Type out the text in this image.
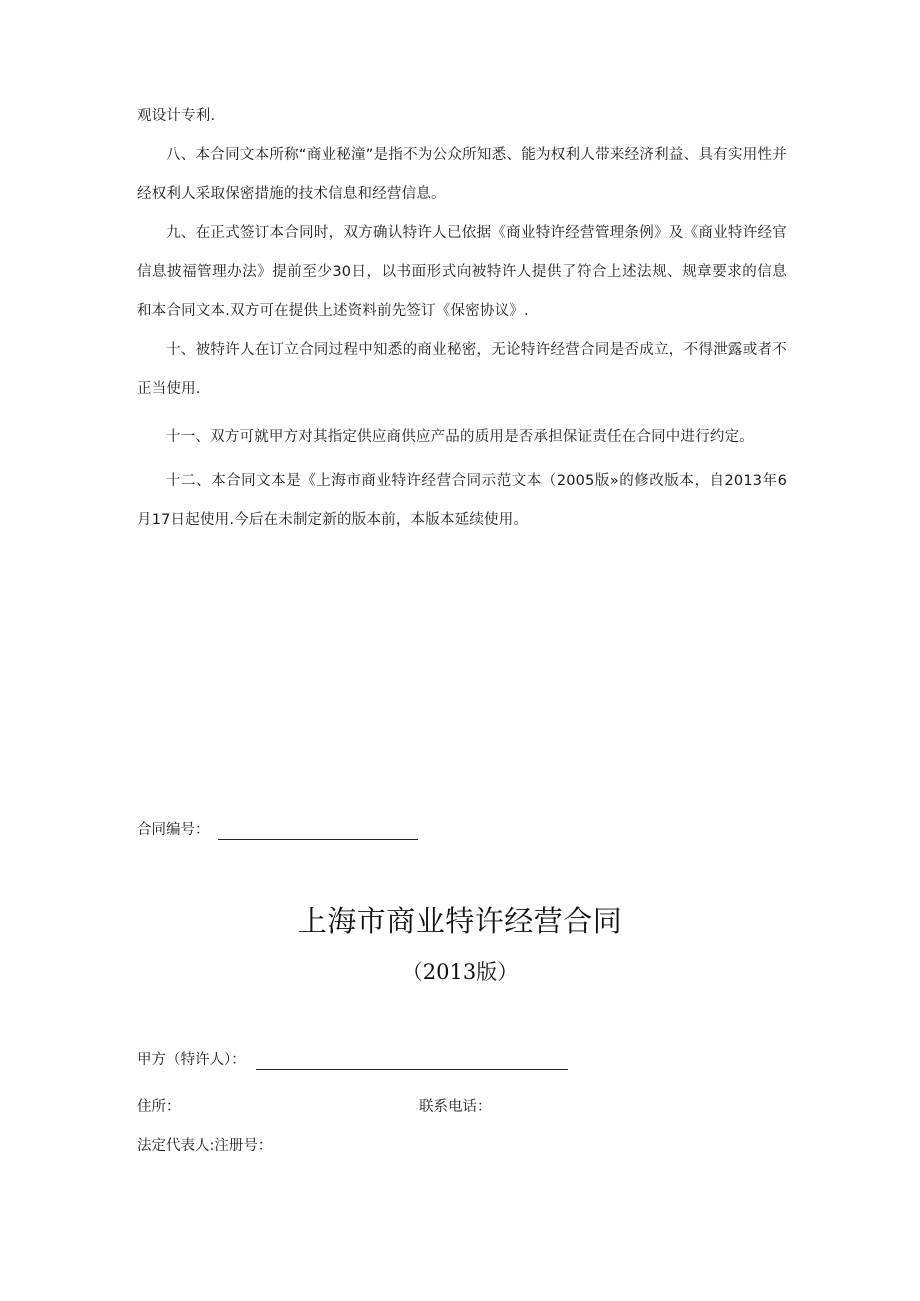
观设计专利.

八、本合同文本所称“商业秘潼”是指不为公众所知悉、能为权利人带来经济利益、具有实用性并经权利人采取保密措施的技术信息和经营信息。

九、在正式签订本合同时，双方确认特许人已依据《商业特许经营管理条例》及《商业特许经官信息披福管理办法》提前至少30日，以书面形式向被特许人提供了符合上述法规、规章要求的信息和本合同文本.双方可在提供上述资料前先签订《保密协议》.

十、被特许人在订立合同过程中知悉的商业秘密，无论特许经营合同是否成立，不得泄露或者不正当使用.

十一、双方可就甲方对其指定供应商供应产品的质用是否承担保证责任在合同中进行约定。

十二、本合同文本是《上海市商业特许经营合同示范文本（2005版»的修改版本，自2013年6月17日起使用.今后在未制定新的版本前，本版本延续使用。

合同编号：
上海市商业特许经营合同
（2013版）
甲方（特许人）：
住所：	联系电话：
法定代表人:注册号：
